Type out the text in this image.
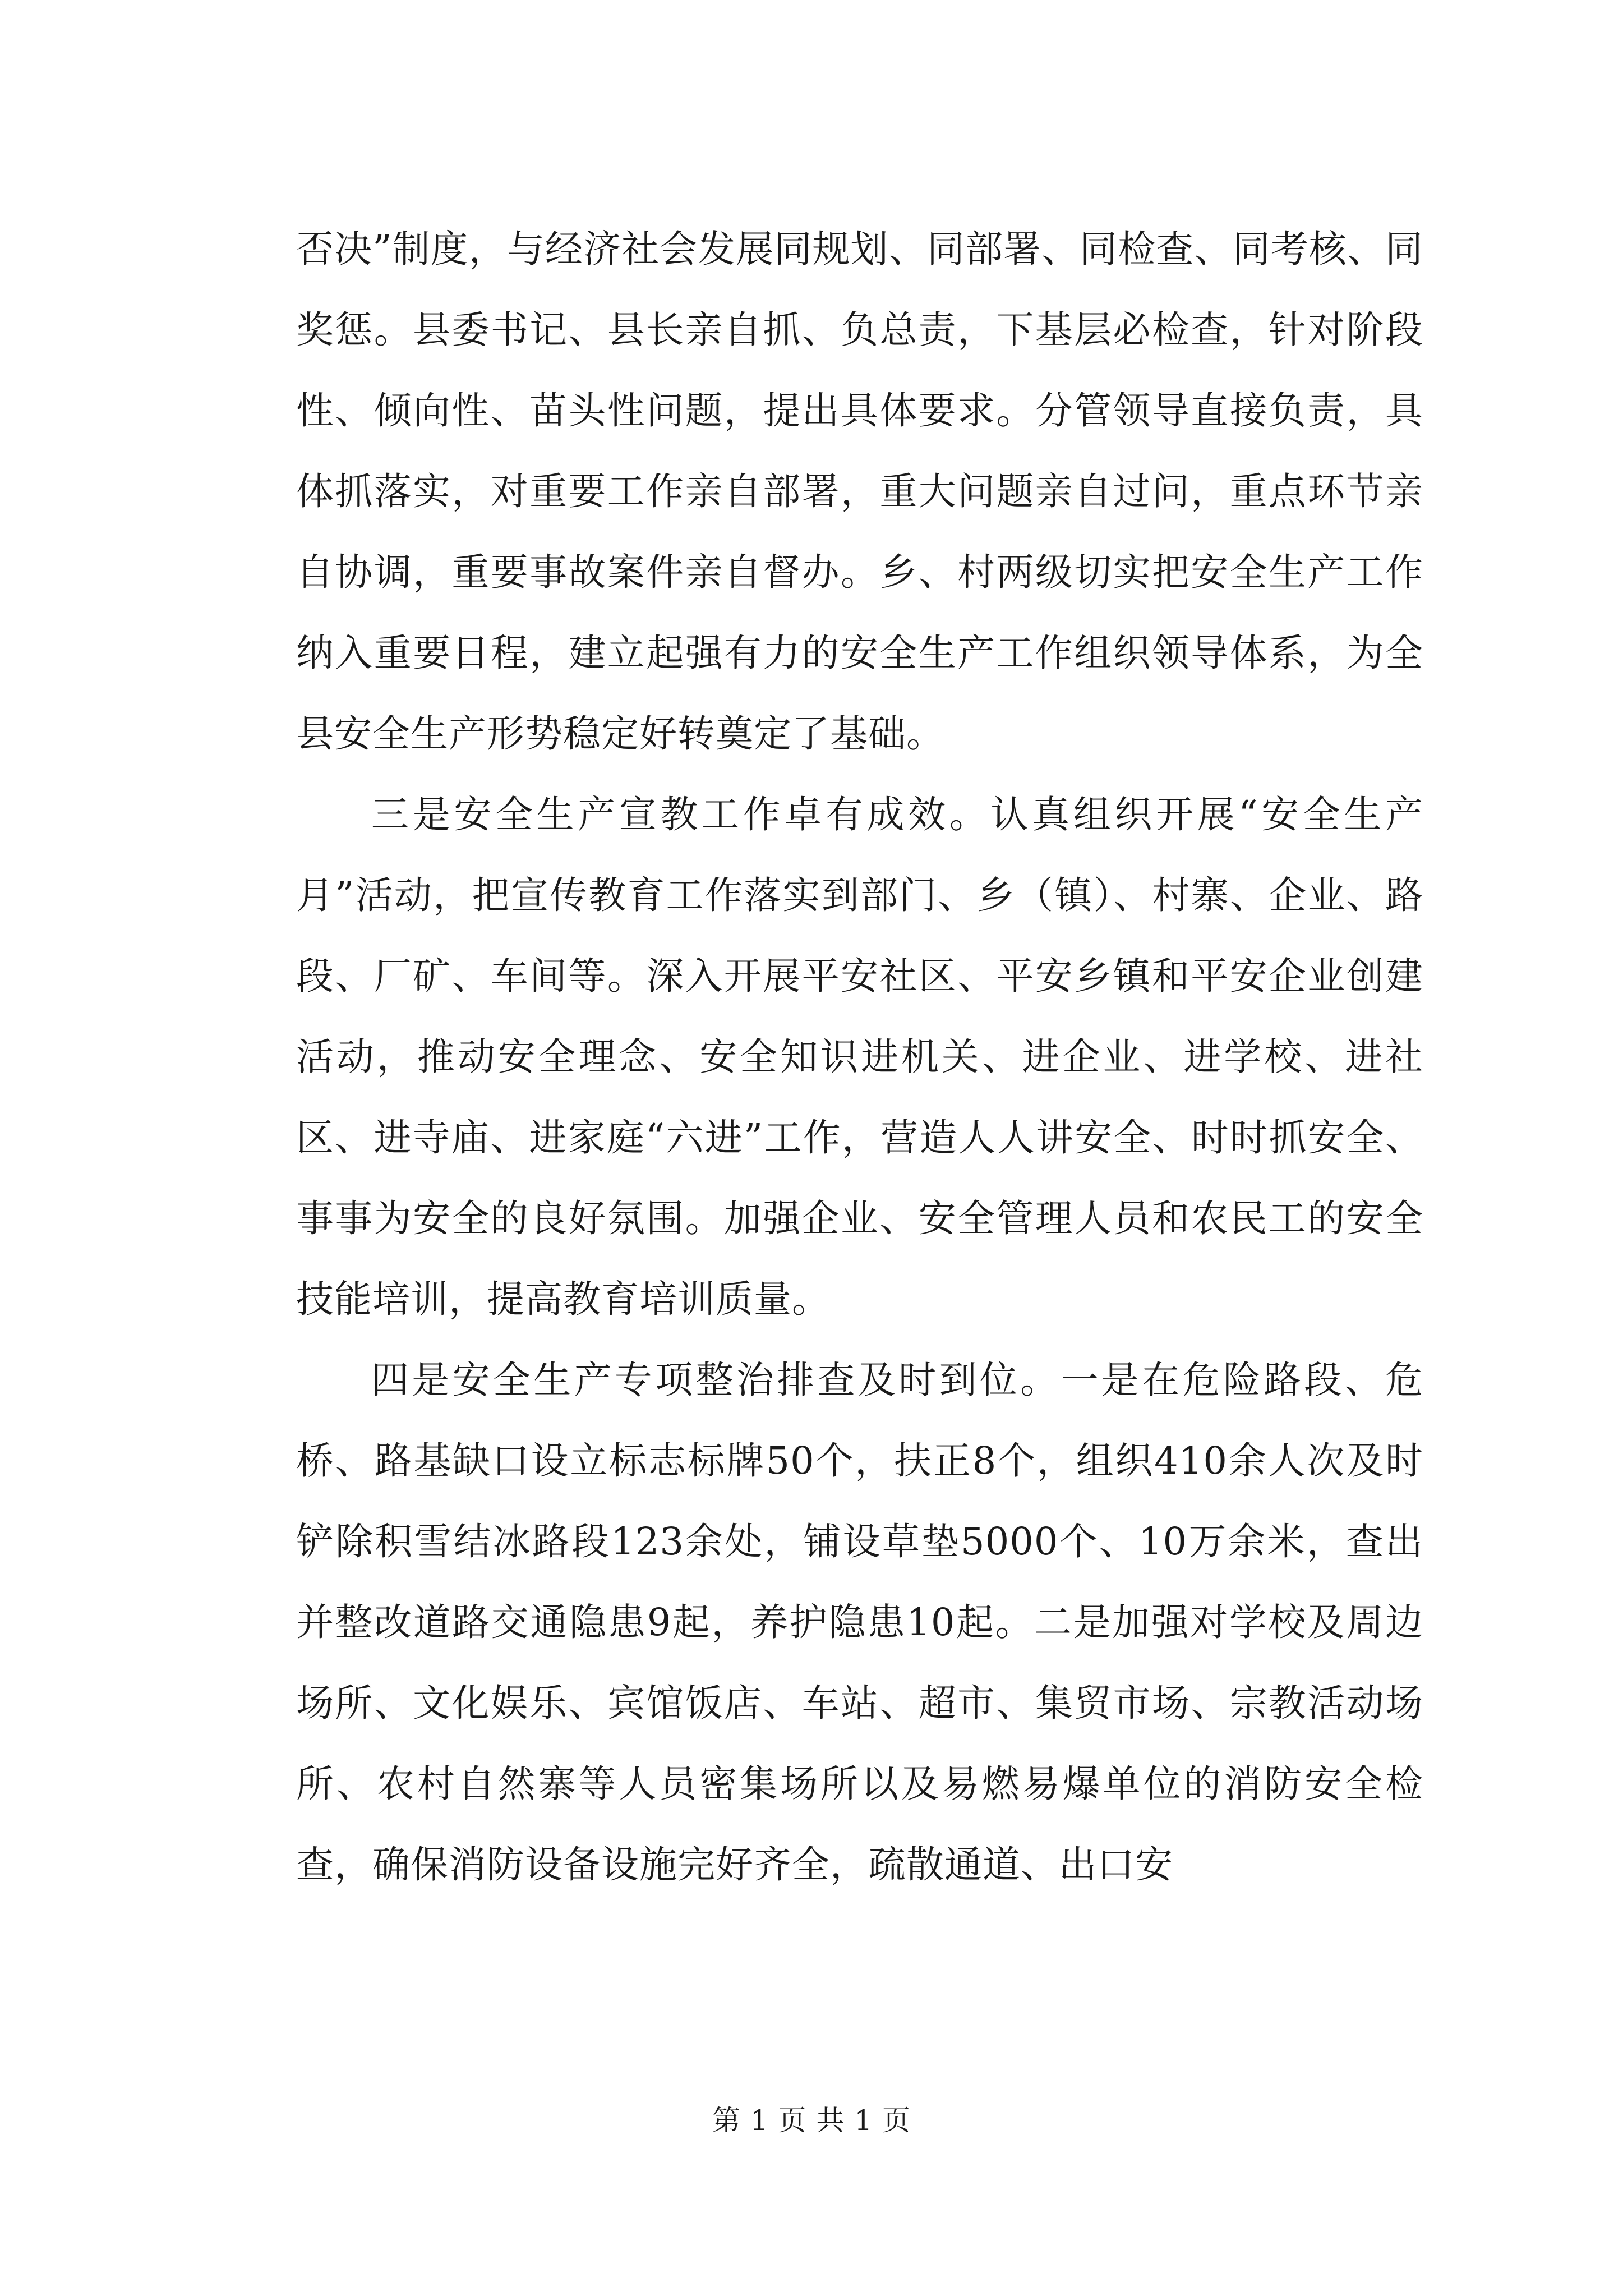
否决”制度，与经济社会发展同规划、同部署、同检查、同考核、同奖惩。县委书记、县长亲自抓、负总责，下基层必检查，针对阶段性、倾向性、苗头性问题，提出具体要求。分管领导直接负责，具体抓落实，对重要工作亲自部署，重大问题亲自过问，重点环节亲自协调，重要事故案件亲自督办。乡、村两级切实把安全生产工作纳入重要日程，建立起强有力的安全生产工作组织领导体系，为全县安全生产形势稳定好转奠定了基础。

三是安全生产宣教工作卓有成效。认真组织开展“安全生产月”活动，把宣传教育工作落实到部门、乡（镇）、村寨、企业、路段、厂矿、车间等。深入开展平安社区、平安乡镇和平安企业创建活动，推动安全理念、安全知识进机关、进企业、进学校、进社区、进寺庙、进家庭“六进”工作，营造人人讲安全、时时抓安全、事事为安全的良好氛围。加强企业、安全管理人员和农民工的安全技能培训，提高教育培训质量。

四是安全生产专项整治排查及时到位。一是在危险路段、危桥、路基缺口设立标志标牌50个，扶正8个，组织410余人次及时铲除积雪结冰路段123余处，铺设草垫5000个、10万余米，查出并整改道路交通隐患9起，养护隐患10起。二是加强对学校及周边场所、文化娱乐、宾馆饭店、车站、超市、集贸市场、宗教活动场所、农村自然寨等人员密集场所以及易燃易爆单位的消防安全检查，确保消防设备设施完好齐全，疏散通道、出口安

第 1 页 共 1 页
